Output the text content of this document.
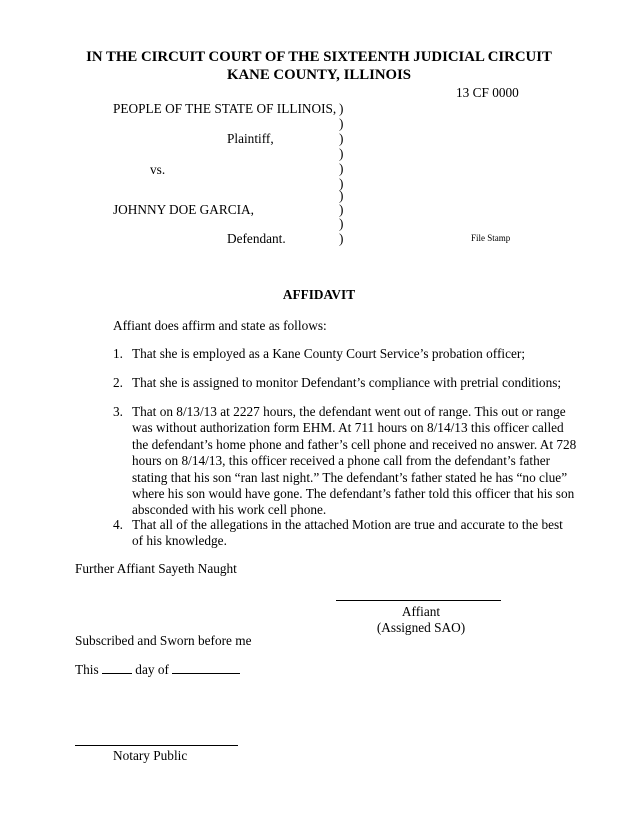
IN THE CIRCUIT COURT OF THE SIXTEENTH JUDICIAL CIRCUIT
KANE COUNTY, ILLINOIS
13 CF 0000
PEOPLE OF THE STATE OF ILLINOIS,
Plaintiff,
vs.
JOHNNY DOE GARCIA,
Defendant.
)
)
)
)
)
)
)
)
)
)	File Stamp
AFFIDAVIT
Affiant does affirm and state as follows:
1. That she is employed as a Kane County Court Service’s probation officer;
2. That she is assigned to monitor Defendant’s compliance with pretrial conditions;
3. That on 8/13/13 at 2227 hours, the defendant went out of range. This out or range was without authorization form EHM. At 711 hours on 8/14/13 this officer called the defendant’s home phone and father’s cell phone and received no answer. At 728 hours on 8/14/13, this officer received a phone call from the defendant’s father stating that his son “ran last night.” The defendant’s father stated he has “no clue” where his son would have gone. The defendant’s father told this officer that his son absconded with his work cell phone.
4. That all of the allegations in the attached Motion are true and accurate to the best of his knowledge.
Further Affiant Sayeth Naught
Affiant
(Assigned SAO)
Subscribed and Sworn before me
This	day of
Notary Public
